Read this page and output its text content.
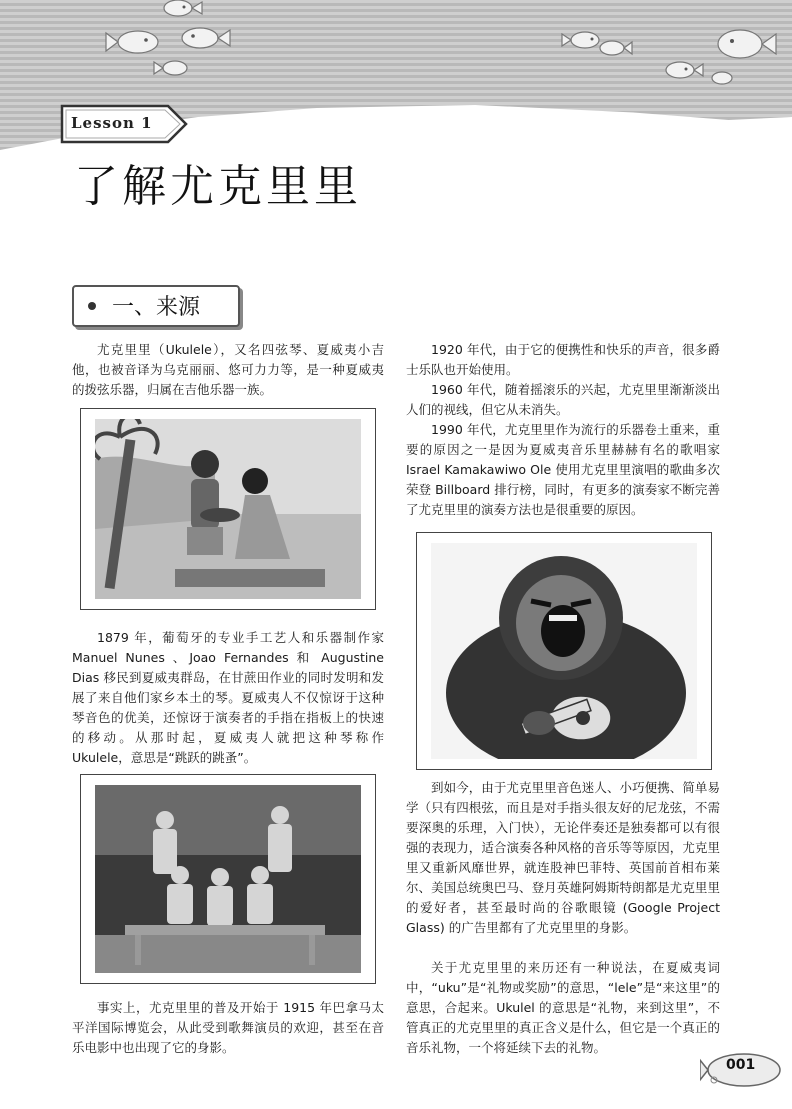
Lesson 1
了解尤克里里
一、来源

尤克里里（Ukulele），又名四弦琴、夏威夷小吉他，也被音译为乌克丽丽、悠可力力等，是一种夏威夷的拨弦乐器，归属在吉他乐器一族。

1879 年，葡萄牙的专业手工艺人和乐器制作家 Manuel Nunes 、Joao Fernandes 和 Augustine Dias 移民到夏威夷群岛，在甘蔗田作业的同时发明和发展了来自他们家乡本土的琴。夏威夷人不仅惊讶于这种琴音色的优美，还惊讶于演奏者的手指在指板上的快速的移动。从那时起，夏威夷人就把这种琴称作 Ukulele，意思是“跳跃的跳蚤”。

事实上，尤克里里的普及开始于 1915 年巴拿马太平洋国际博览会，从此受到歌舞演员的欢迎，甚至在音乐电影中也出现了它的身影。

1920 年代，由于它的便携性和快乐的声音，很多爵士乐队也开始使用。

1960 年代，随着摇滚乐的兴起，尤克里里渐渐淡出人们的视线，但它从未消失。

1990 年代，尤克里里作为流行的乐器卷土重来，重要的原因之一是因为夏威夷音乐里赫赫有名的歌唱家 Israel Kamakawiwo Ole 使用尤克里里演唱的歌曲多次荣登 Billboard 排行榜，同时，有更多的演奏家不断完善了尤克里里的演奏方法也是很重要的原因。

到如今，由于尤克里里音色迷人、小巧便携、简单易学（只有四根弦，而且是对手指头很友好的尼龙弦，不需要深奥的乐理，入门快），无论伴奏还是独奏都可以有很强的表现力，适合演奏各种风格的音乐等等原因，尤克里里又重新风靡世界，就连股神巴菲特、英国前首相布莱尔、美国总统奥巴马、登月英雄阿姆斯特朗都是尤克里里的爱好者，甚至最时尚的谷歌眼镜 (Google Project Glass) 的广告里都有了尤克里里的身影。

关于尤克里里的来历还有一种说法，在夏威夷词中，“uku”是“礼物或奖励”的意思，“lele”是“来这里”的意思，合起来。Ukulel 的意思是“礼物，来到这里”，不管真正的尤克里里的真正含义是什么，但它是一个真正的音乐礼物，一个将延续下去的礼物。

001
